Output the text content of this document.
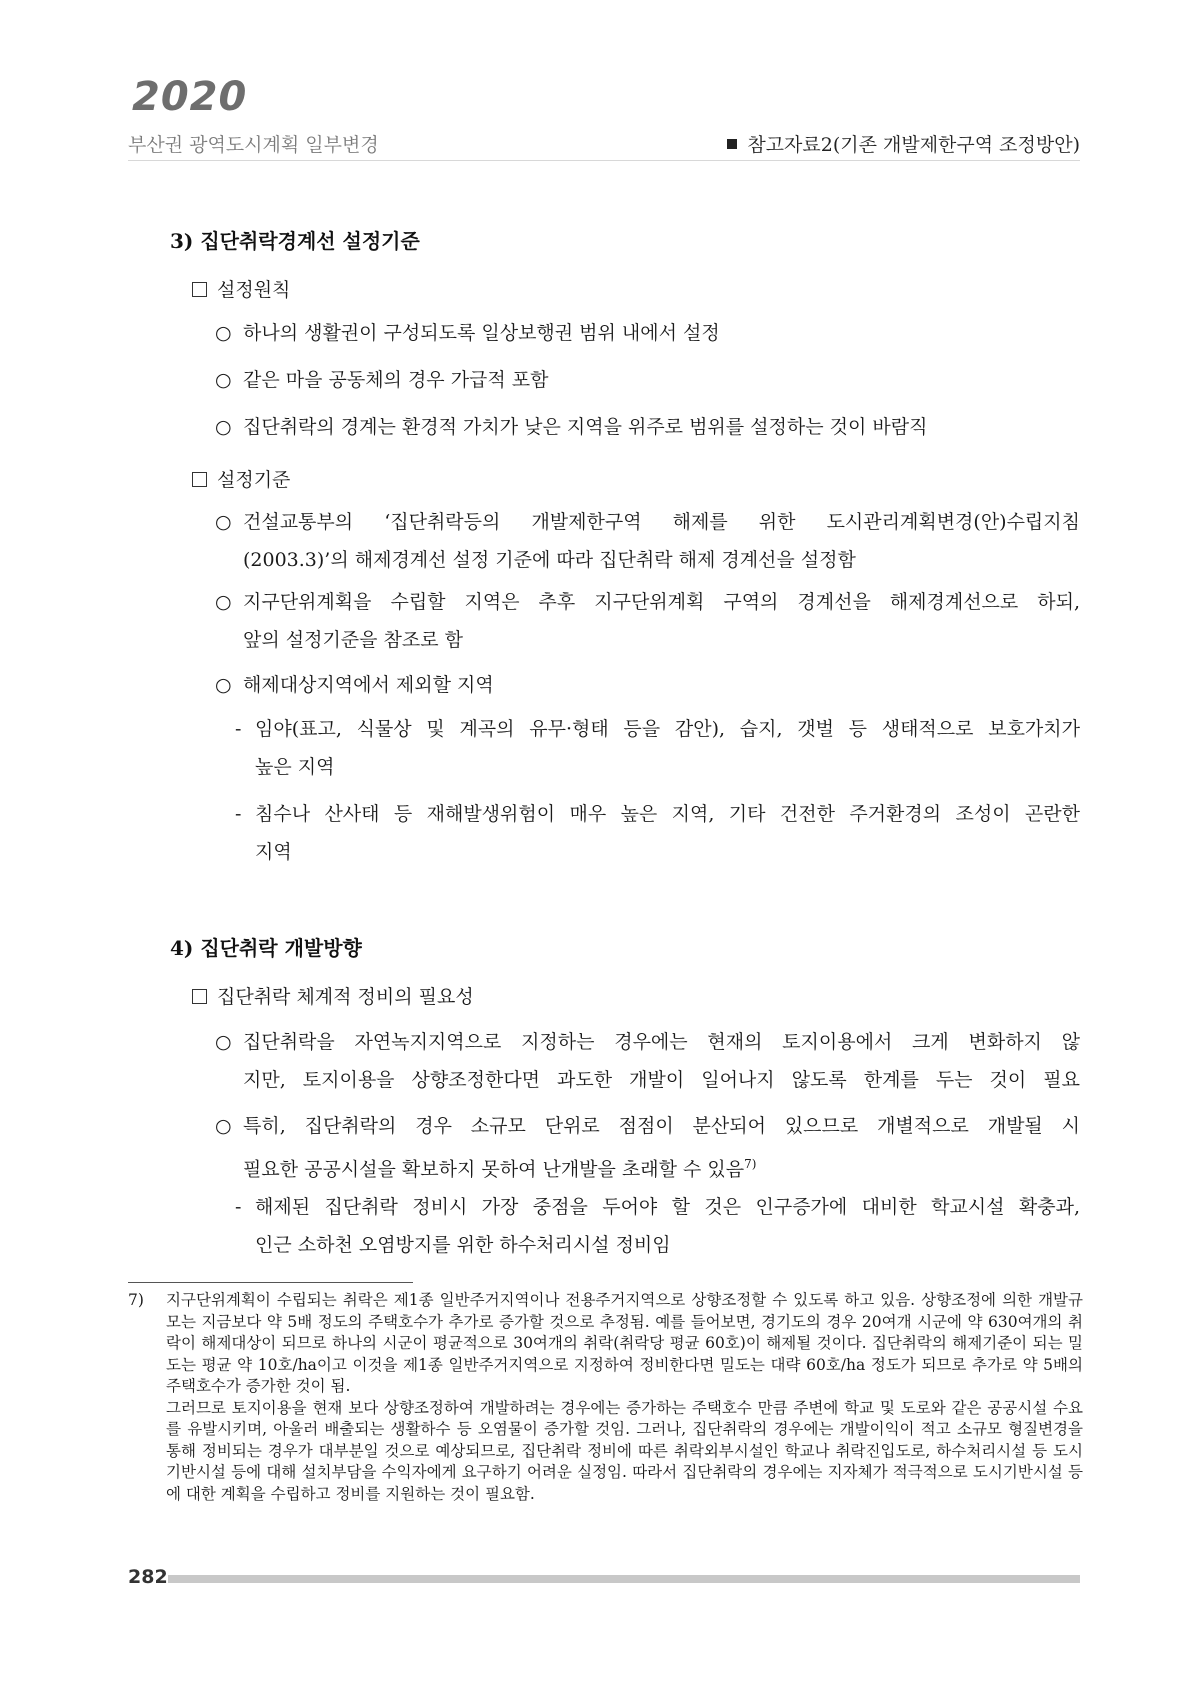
2020
부산권 광역도시계획 일부변경	참고자료2(기존 개발제한구역 조정방안)
3) 집단취락경계선 설정기준
설정원칙
○ 하나의 생활권이 구성되도록 일상보행권 범위 내에서 설정
○ 같은 마을 공동체의 경우 가급적 포함
○ 집단취락의 경계는 환경적 가치가 낮은 지역을 위주로 범위를 설정하는 것이 바람직
설정기준
○ 건설교통부의 ‘집단취락등의 개발제한구역 해제를 위한 도시관리계획변경(안)수립지침
(2003.3)’의 해제경계선 설정 기준에 따라 집단취락 해제 경계선을 설정함
○ 지구단위계획을 수립할 지역은 추후 지구단위계획 구역의 경계선을 해제경계선으로 하되,
앞의 설정기준을 참조로 함
○ 해제대상지역에서 제외할 지역
- 임야(표고, 식물상 및 계곡의 유무·형태 등을 감안), 습지, 갯벌 등 생태적으로 보호가치가
높은 지역
- 침수나 산사태 등 재해발생위험이 매우 높은 지역, 기타 건전한 주거환경의 조성이 곤란한
지역
4) 집단취락 개발방향
집단취락 체계적 정비의 필요성
○ 집단취락을 자연녹지지역으로 지정하는 경우에는 현재의 토지이용에서 크게 변화하지 않
지만, 토지이용을 상향조정한다면 과도한 개발이 일어나지 않도록 한계를 두는 것이 필요
○ 특히, 집단취락의 경우 소규모 단위로 점점이 분산되어 있으므로 개별적으로 개발될 시
필요한 공공시설을 확보하지 못하여 난개발을 초래할 수 있음$^{7)}$
- 해제된 집단취락 정비시 가장 중점을 두어야 할 것은 인구증가에 대비한 학교시설 확충과,
인근 소하천 오염방지를 위한 하수처리시설 정비임
7) 지구단위계획이 수립되는 취락은 제1종 일반주거지역이나 전용주거지역으로 상향조정할 수 있도록 하고 있음. 상향조정에 의한 개발규모는 지금보다 약 5배 정도의 주택호수가 추가로 증가할 것으로 추정됨. 예를 들어보면, 경기도의 경우 20여개 시군에 약 630여개의 취락이 해제대상이 되므로 하나의 시군이 평균적으로 30여개의 취락(취락당 평균 60호)이 해제될 것이다. 집단취락의 해제기준이 되는 밀도는 평균 약 10호/ha이고 이것을 제1종 일반주거지역으로 지정하여 정비한다면 밀도는 대략 60호/ha 정도가 되므로 추가로 약 5배의 주택호수가 증가한 것이 됨.

그러므로 토지이용을 현재 보다 상향조정하여 개발하려는 경우에는 증가하는 주택호수 만큼 주변에 학교 및 도로와 같은 공공시설 수요를 유발시키며, 아울러 배출되는 생활하수 등 오염물이 증가할 것임. 그러나, 집단취락의 경우에는 개발이익이 적고 소규모 형질변경을 통해 정비되는 경우가 대부분일 것으로 예상되므로, 집단취락 정비에 따른 취락외부시설인 학교나 취락진입도로, 하수처리시설 등 도시기반시설 등에 대해 설치부담을 수익자에게 요구하기 어려운 실정임. 따라서 집단취락의 경우에는 지자체가 적극적으로 도시기반시설 등에 대한 계획을 수립하고 정비를 지원하는 것이 필요함.

282
